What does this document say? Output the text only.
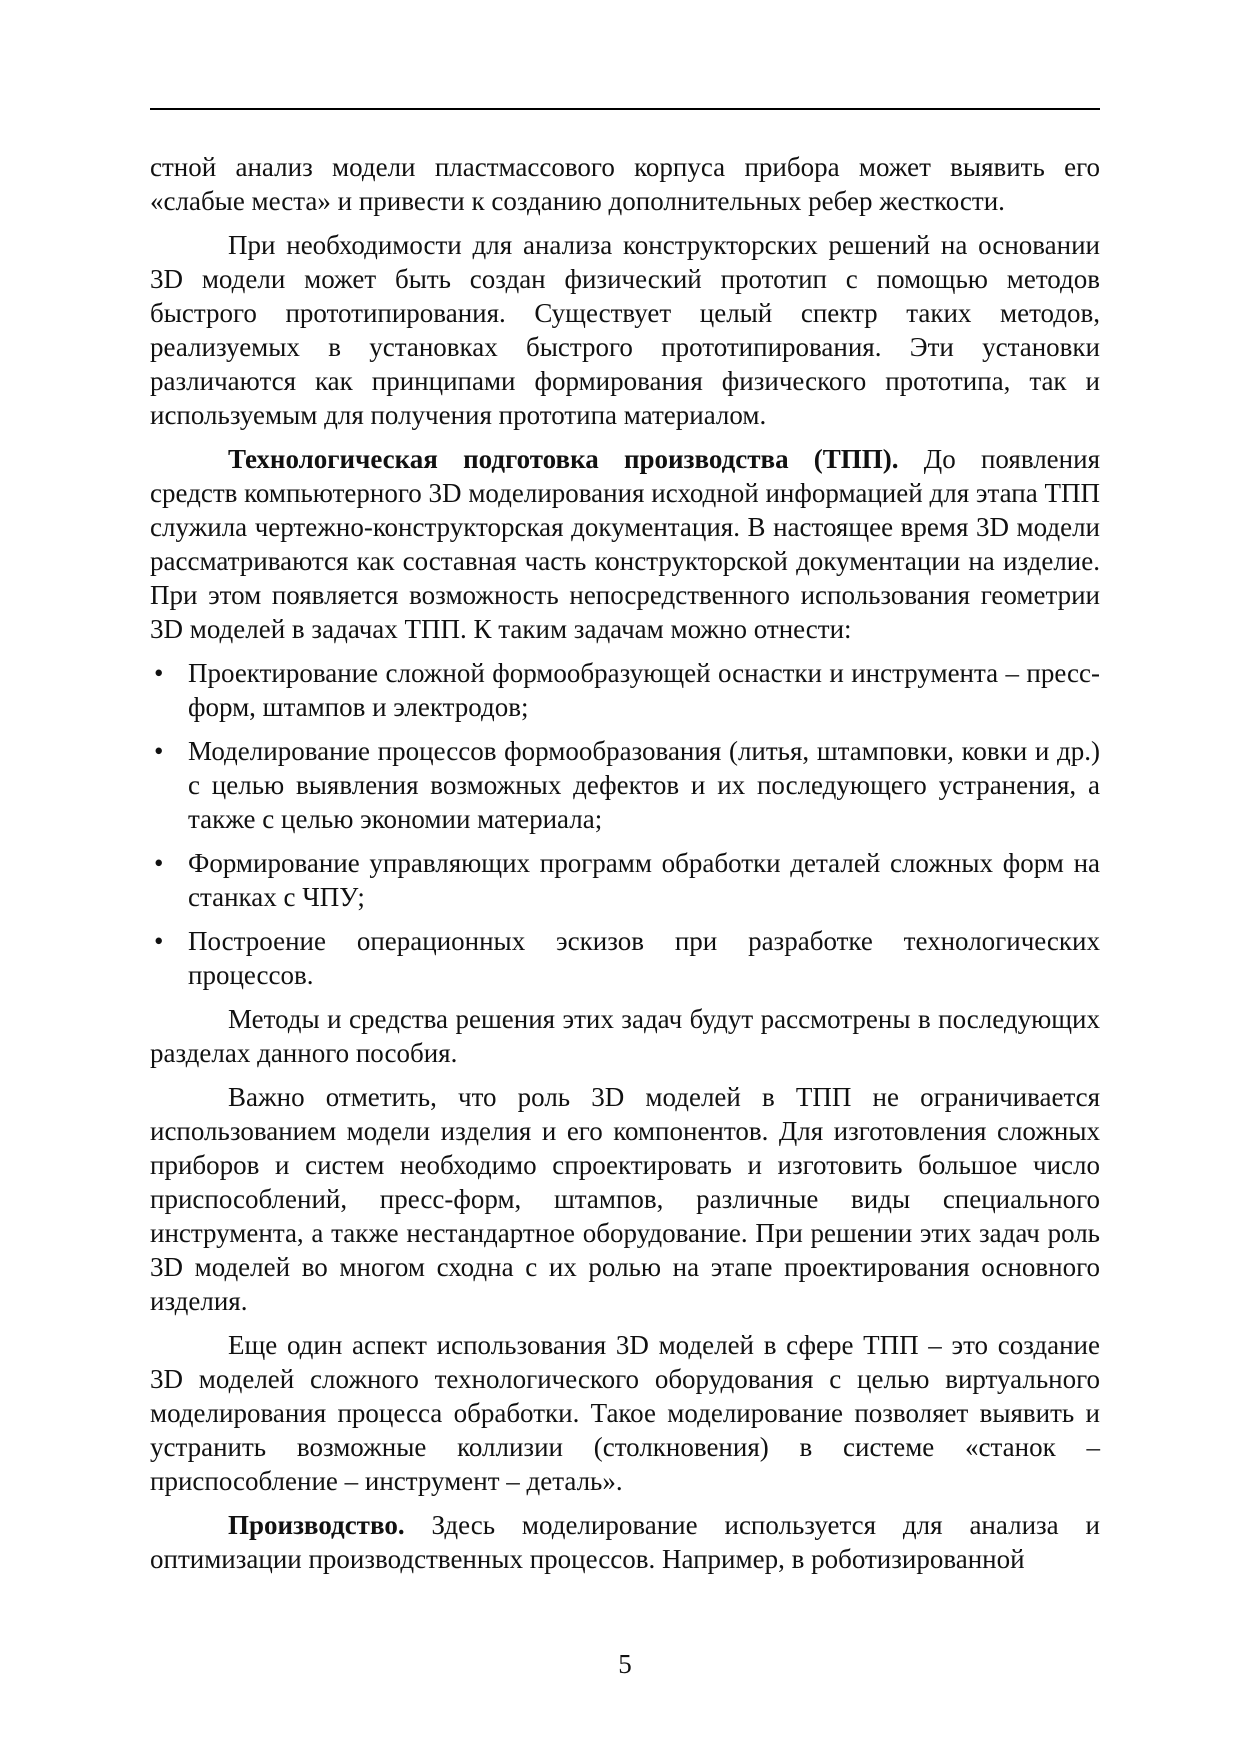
стной анализ модели пластмассового корпуса прибора может выявить его «слабые места» и привести к созданию дополнительных ребер жесткости.

При необходимости для анализа конструкторских решений на основании 3D модели может быть создан физический прототип с помощью методов быстрого прототипирования. Существует целый спектр таких методов, реализуемых в установках быстрого прототипирования. Эти установки различаются как принципами формирования физического прототипа, так и используемым для получения прототипа материалом.

Технологическая подготовка производства (ТПП). До появления средств компьютерного 3D моделирования исходной информацией для этапа ТПП служила чертежно-конструкторская документация. В настоящее время 3D модели рассматриваются как составная часть конструкторской документации на изделие. При этом появляется возможность непосредственного использования геометрии 3D моделей в задачах ТПП. К таким задачам можно отнести:

• Проектирование сложной формообразующей оснастки и инструмента – пресс-форм, штампов и электродов;
• Моделирование процессов формообразования (литья, штамповки, ковки и др.) с целью выявления возможных дефектов и их последующего устранения, а также с целью экономии материала;
• Формирование управляющих программ обработки деталей сложных форм на станках с ЧПУ;
• Построение операционных эскизов при разработке технологических процессов.

Методы и средства решения этих задач будут рассмотрены в последующих разделах данного пособия.

Важно отметить, что роль 3D моделей в ТПП не ограничивается использованием модели изделия и его компонентов. Для изготовления сложных приборов и систем необходимо спроектировать и изготовить большое число приспособлений, пресс-форм, штампов, различные виды специального инструмента, а также нестандартное оборудование. При решении этих задач роль 3D моделей во многом сходна с их ролью на этапе проектирования основного изделия.

Еще один аспект использования 3D моделей в сфере ТПП – это создание 3D моделей сложного технологического оборудования с целью виртуального моделирования процесса обработки. Такое моделирование позволяет выявить и устранить возможные коллизии (столкновения) в системе «станок – приспособление – инструмент – деталь».

Производство. Здесь моделирование используется для анализа и оптимизации производственных процессов. Например, в роботизированной

5
